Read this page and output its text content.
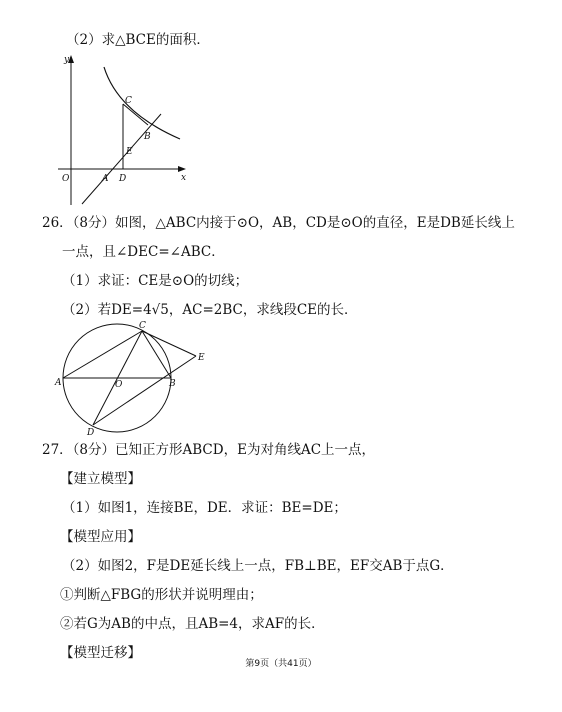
（2）求△BCE的面积．
y
x
C
B
E
O	A D
26．（8分）如图，△ABC内接于⊙O，AB，CD是⊙O的直径，E是DB延长线上
一点，且∠DEC=∠ABC．
（1）求证：CE是⊙O的切线；
（2）若DE=4√5，AC=2BC，求线段CE的长．
C
E
A	O	B
D
27．（8分）已知正方形ABCD，E为对角线AC上一点，
【建立模型】
（1）如图1，连接BE，DE．求证：BE=DE；
【模型应用】
（2）如图2，F是DE延长线上一点，FB⊥BE，EF交AB于点G．
①判断△FBG的形状并说明理由；
②若G为AB的中点，且AB=4，求AF的长．
【模型迁移】
第9页（共41页）
